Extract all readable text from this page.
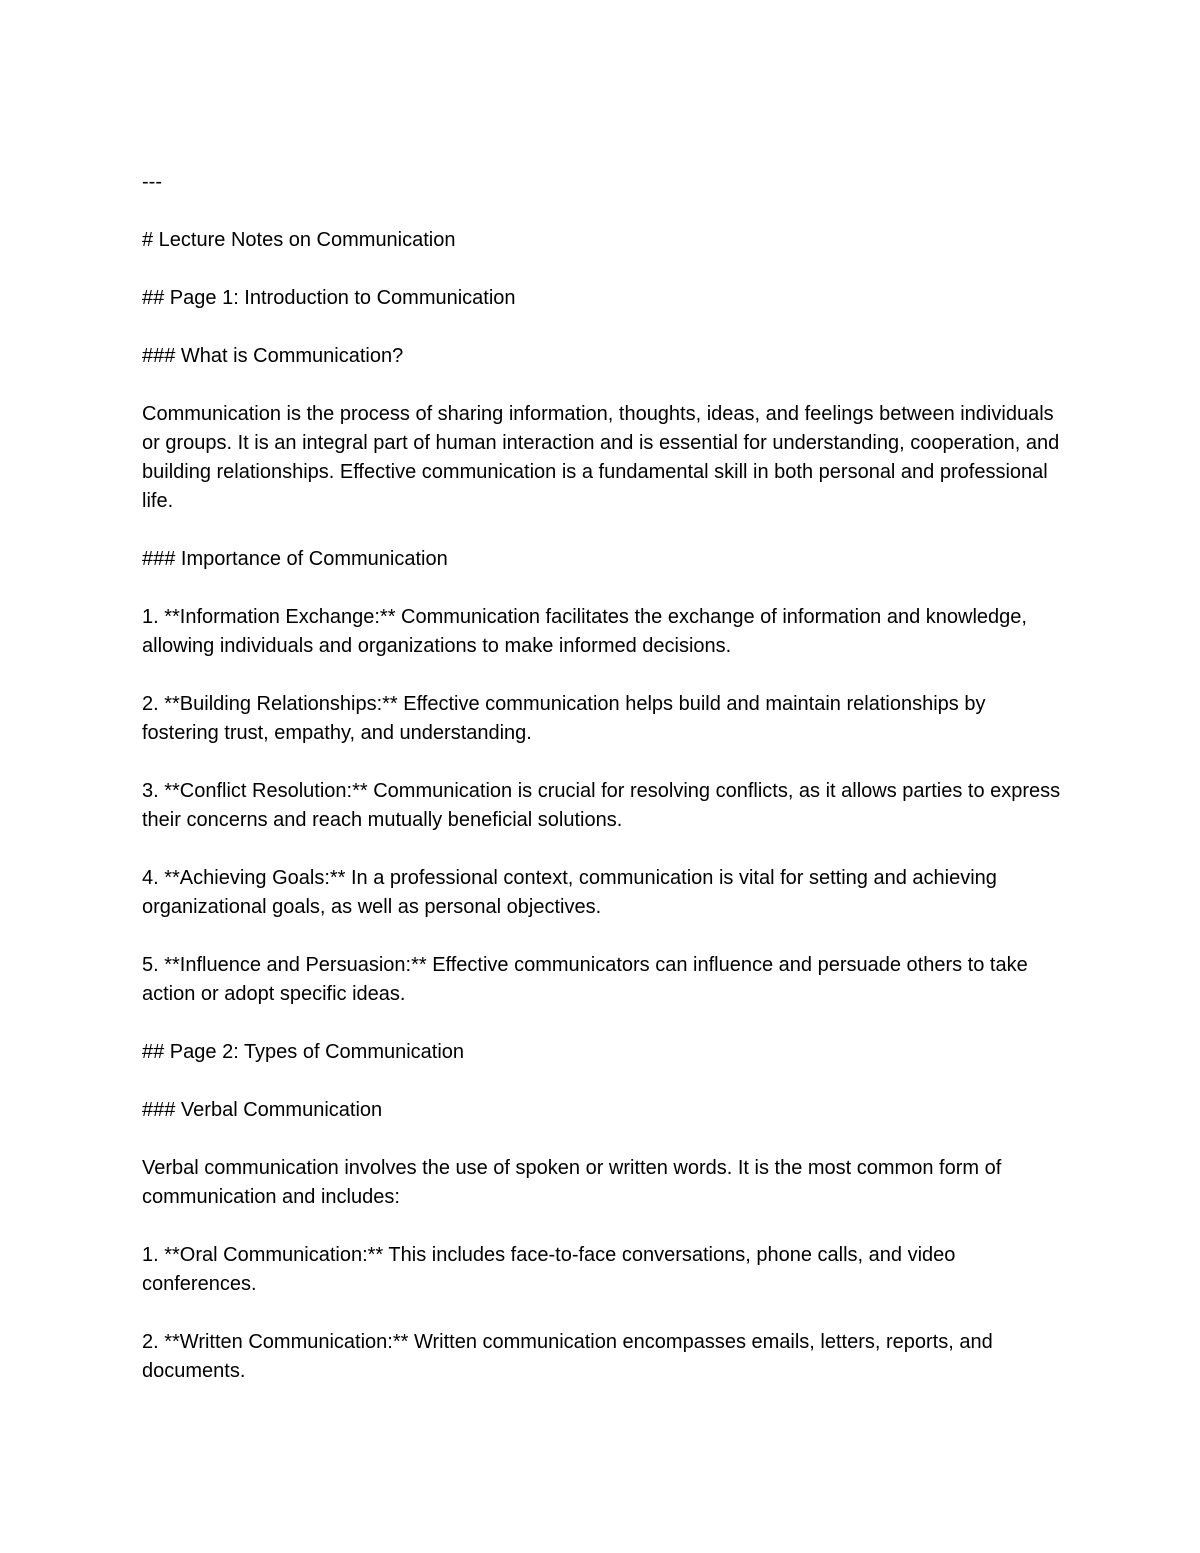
---

# Lecture Notes on Communication

## Page 1: Introduction to Communication

### What is Communication?

Communication is the process of sharing information, thoughts, ideas, and feelings between individuals or groups. It is an integral part of human interaction and is essential for understanding, cooperation, and building relationships. Effective communication is a fundamental skill in both personal and professional life.

### Importance of Communication

1. **Information Exchange:** Communication facilitates the exchange of information and knowledge, allowing individuals and organizations to make informed decisions.

2. **Building Relationships:** Effective communication helps build and maintain relationships by fostering trust, empathy, and understanding.

3. **Conflict Resolution:** Communication is crucial for resolving conflicts, as it allows parties to express their concerns and reach mutually beneficial solutions.

4. **Achieving Goals:** In a professional context, communication is vital for setting and achieving organizational goals, as well as personal objectives.

5. **Influence and Persuasion:** Effective communicators can influence and persuade others to take action or adopt specific ideas.

## Page 2: Types of Communication

### Verbal Communication

Verbal communication involves the use of spoken or written words. It is the most common form of communication and includes:

1. **Oral Communication:** This includes face-to-face conversations, phone calls, and video conferences.

2. **Written Communication:** Written communication encompasses emails, letters, reports, and documents.
